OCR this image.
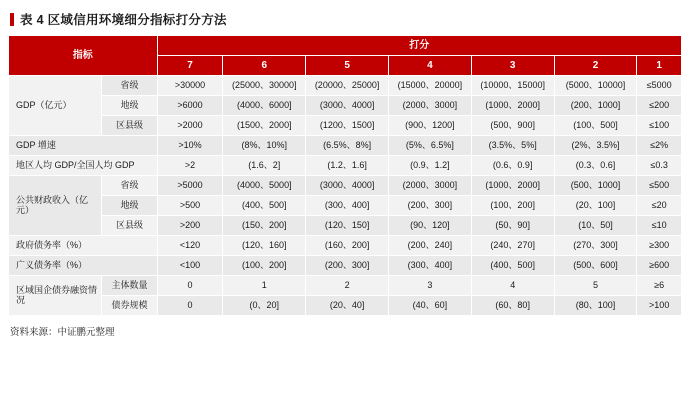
表 4 区域信用环境细分指标打分方法
指标		打分						
		7	6	5	4	3	2	1
GDP（亿元）	省级	>30000	(25000、30000]	(20000、25000]	(15000、20000]	(10000、15000]	(5000、10000]	≤5000
	地级	>6000	(4000、6000]	(3000、4000]	(2000、3000]	(1000、2000]	(200、1000]	≤200
	区县级	>2000	(1500、2000]	(1200、1500]	(900、1200]	(500、900]	(100、500]	≤100
GDP 增速		>10%	(8%、10%]	(6.5%、8%]	(5%、6.5%]	(3.5%、5%]	(2%、3.5%]	≤2%
地区人均 GDP/全国人均 GDP		>2	(1.6、2]	(1.2、1.6]	(0.9、1.2]	(0.6、0.9]	(0.3、0.6]	≤0.3
公共财政收入（亿元）	省级	>5000	(4000、5000]	(3000、4000]	(2000、3000]	(1000、2000]	(500、1000]	≤500
	地级	>500	(400、500]	(300、400]	(200、300]	(100、200]	(20、100]	≤20
	区县级	>200	(150、200]	(120、150]	(90、120]	(50、90]	(10、50]	≤10
政府债务率（%）		<120	(120、160]	(160、200]	(200、240]	(240、270]	(270、300]	≥300
广义债务率（%）		<100	(100、200]	(200、300]	(300、400]	(400、500]	(500、600]	≥600
区域国企债券融资情况	主体数量	0	1	2	3	4	5	≥6
	债券规模	0	(0、20]	(20、40]	(40、60]	(60、80]	(80、100]	>100
资料来源：中证鹏元整理
